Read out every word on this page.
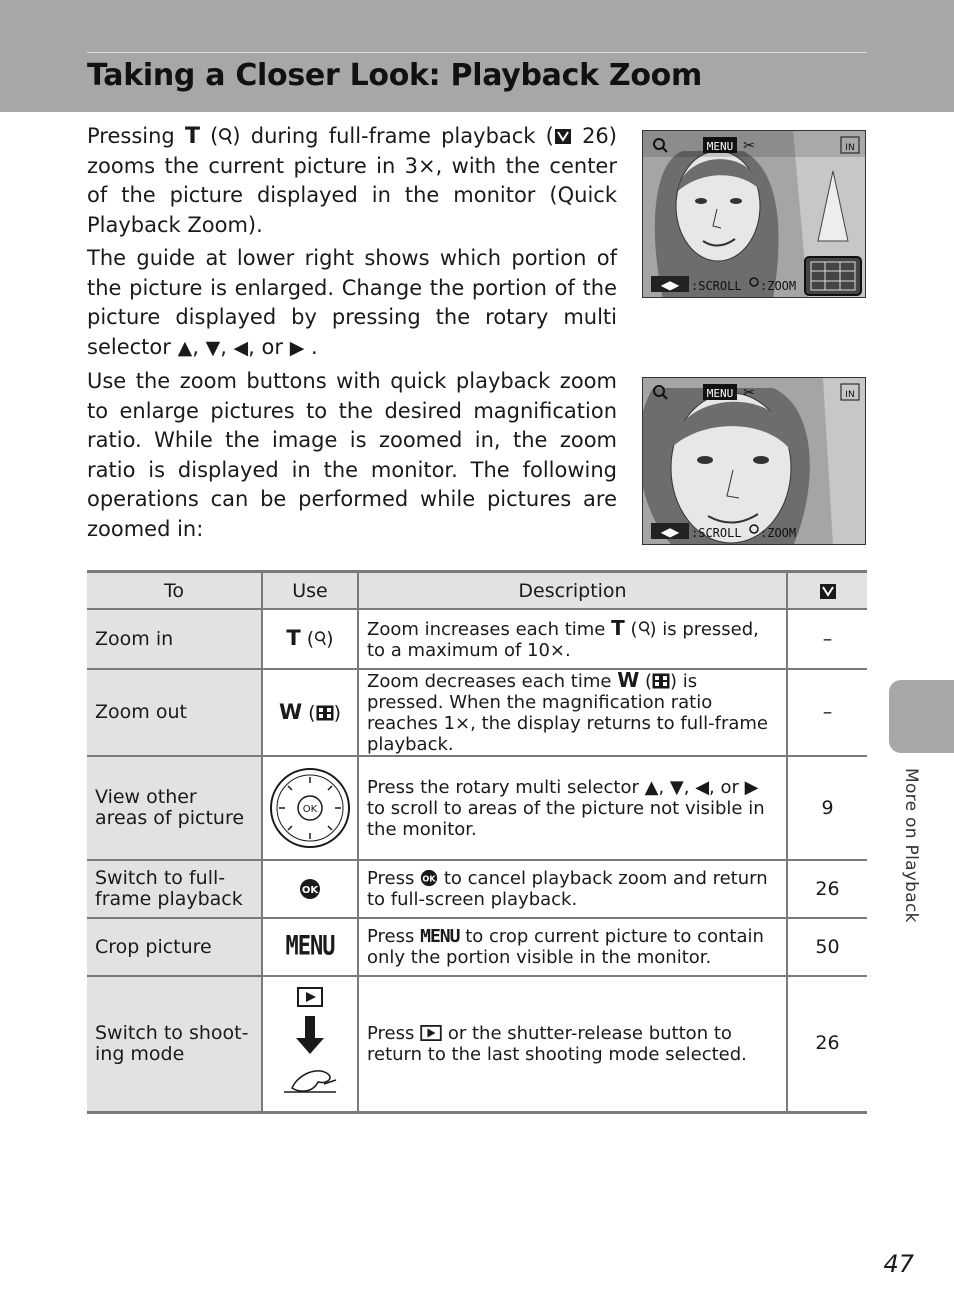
Taking a Closer Look: Playback Zoom

Pressing T ( ) during full-frame playback ( 26) zooms the current picture in 3×, with the center of the picture displayed in the monitor (Quick Playback Zoom).

The guide at lower right shows which portion of the picture is enlarged. Change the portion of the picture displayed by pressing the rotary multi selector ▲, ▼, ◀, or ▶ .

Use the zoom buttons with quick playback zoom to enlarge pictures to the desired magnification ratio. While the image is zoomed in, the zoom ratio is displayed in the monitor. The following operations can be performed while pictures are zoomed in:

MENU ✂	IN
◀▶ :SCROLL :ZOOM
MENU ✂	IN
◀▶ :SCROLL :ZOOM
To	Use	Description	
Zoom in	T ( )	Zoom increases each time T ( ) is pressed, to a maximum of 10×.	–
Zoom out	W ( )	Zoom decreases each time W ( ) is pressed. When the magnification ratio reaches 1×, the display returns to full-frame playback.	–
View other areas of picture	OK	Press the rotary multi selector ▲, ▼, ◀, or ▶ to scroll to areas of the picture not visible in the monitor.	9
Switch to full-frame playback	OK	Press OK to cancel playback zoom and return to full-screen playback.	26
Crop picture	MENU	Press MENU to crop current picture to contain only the portion visible in the monitor.	50
Switch to shooting mode		Press or the shutter-release button to return to the last shooting mode selected.	26
More on Playback
47
